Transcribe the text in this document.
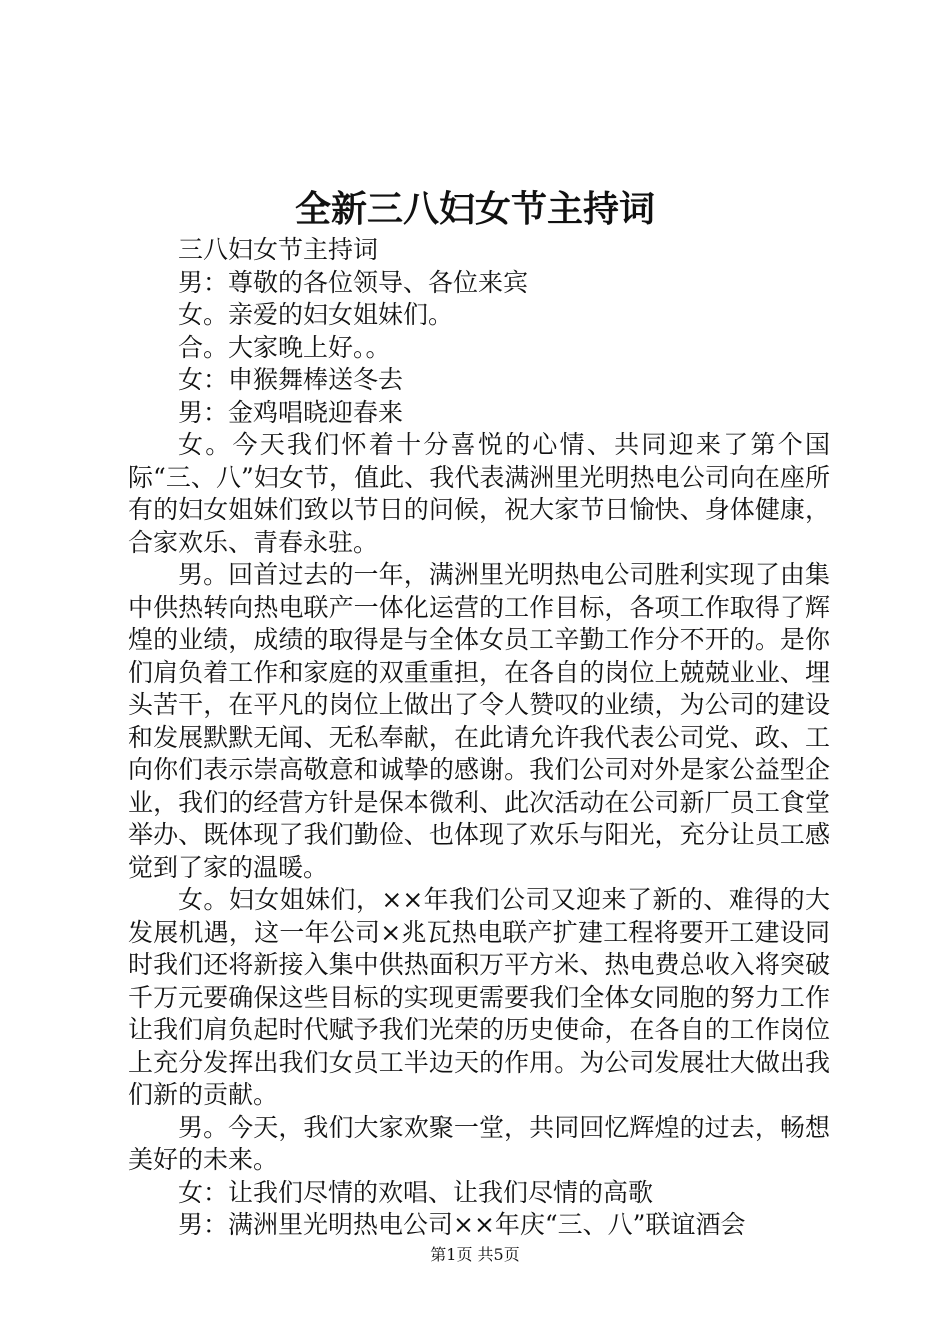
全新三八妇女节主持词

三八妇女节主持词

男：尊敬的各位领导、各位来宾

女。亲爱的妇女姐妹们。

合。大家晚上好。。

女：申猴舞棒送冬去

男：金鸡唱晓迎春来

女。今天我们怀着十分喜悦的心情、共同迎来了第个国际“三、八”妇女节，值此、我代表满洲里光明热电公司向在座所有的妇女姐妹们致以节日的问候，祝大家节日愉快、身体健康，合家欢乐、青春永驻。

男。回首过去的一年，满洲里光明热电公司胜利实现了由集中供热转向热电联产一体化运营的工作目标，各项工作取得了辉煌的业绩，成绩的取得是与全体女员工辛勤工作分不开的。是你们肩负着工作和家庭的双重重担，在各自的岗位上兢兢业业、埋头苦干，在平凡的岗位上做出了令人赞叹的业绩，为公司的建设和发展默默无闻、无私奉献，在此请允许我代表公司党、政、工向你们表示崇高敬意和诚挚的感谢。我们公司对外是家公益型企业，我们的经营方针是保本微利、此次活动在公司新厂员工食堂举办、既体现了我们勤俭、也体现了欢乐与阳光，充分让员工感觉到了家的温暖。

女。妇女姐妹们，××年我们公司又迎来了新的、难得的大发展机遇，这一年公司×兆瓦热电联产扩建工程将要开工建设同时我们还将新接入集中供热面积万平方米、热电费总收入将突破千万元要确保这些目标的实现更需要我们全体女同胞的努力工作让我们肩负起时代赋予我们光荣的历史使命，在各自的工作岗位上充分发挥出我们女员工半边天的作用。为公司发展壮大做出我们新的贡献。

男。今天，我们大家欢聚一堂，共同回忆辉煌的过去，畅想美好的未来。

女：让我们尽情的欢唱、让我们尽情的高歌

男：满洲里光明热电公司××年庆“三、八”联谊酒会

第1页 共5页
